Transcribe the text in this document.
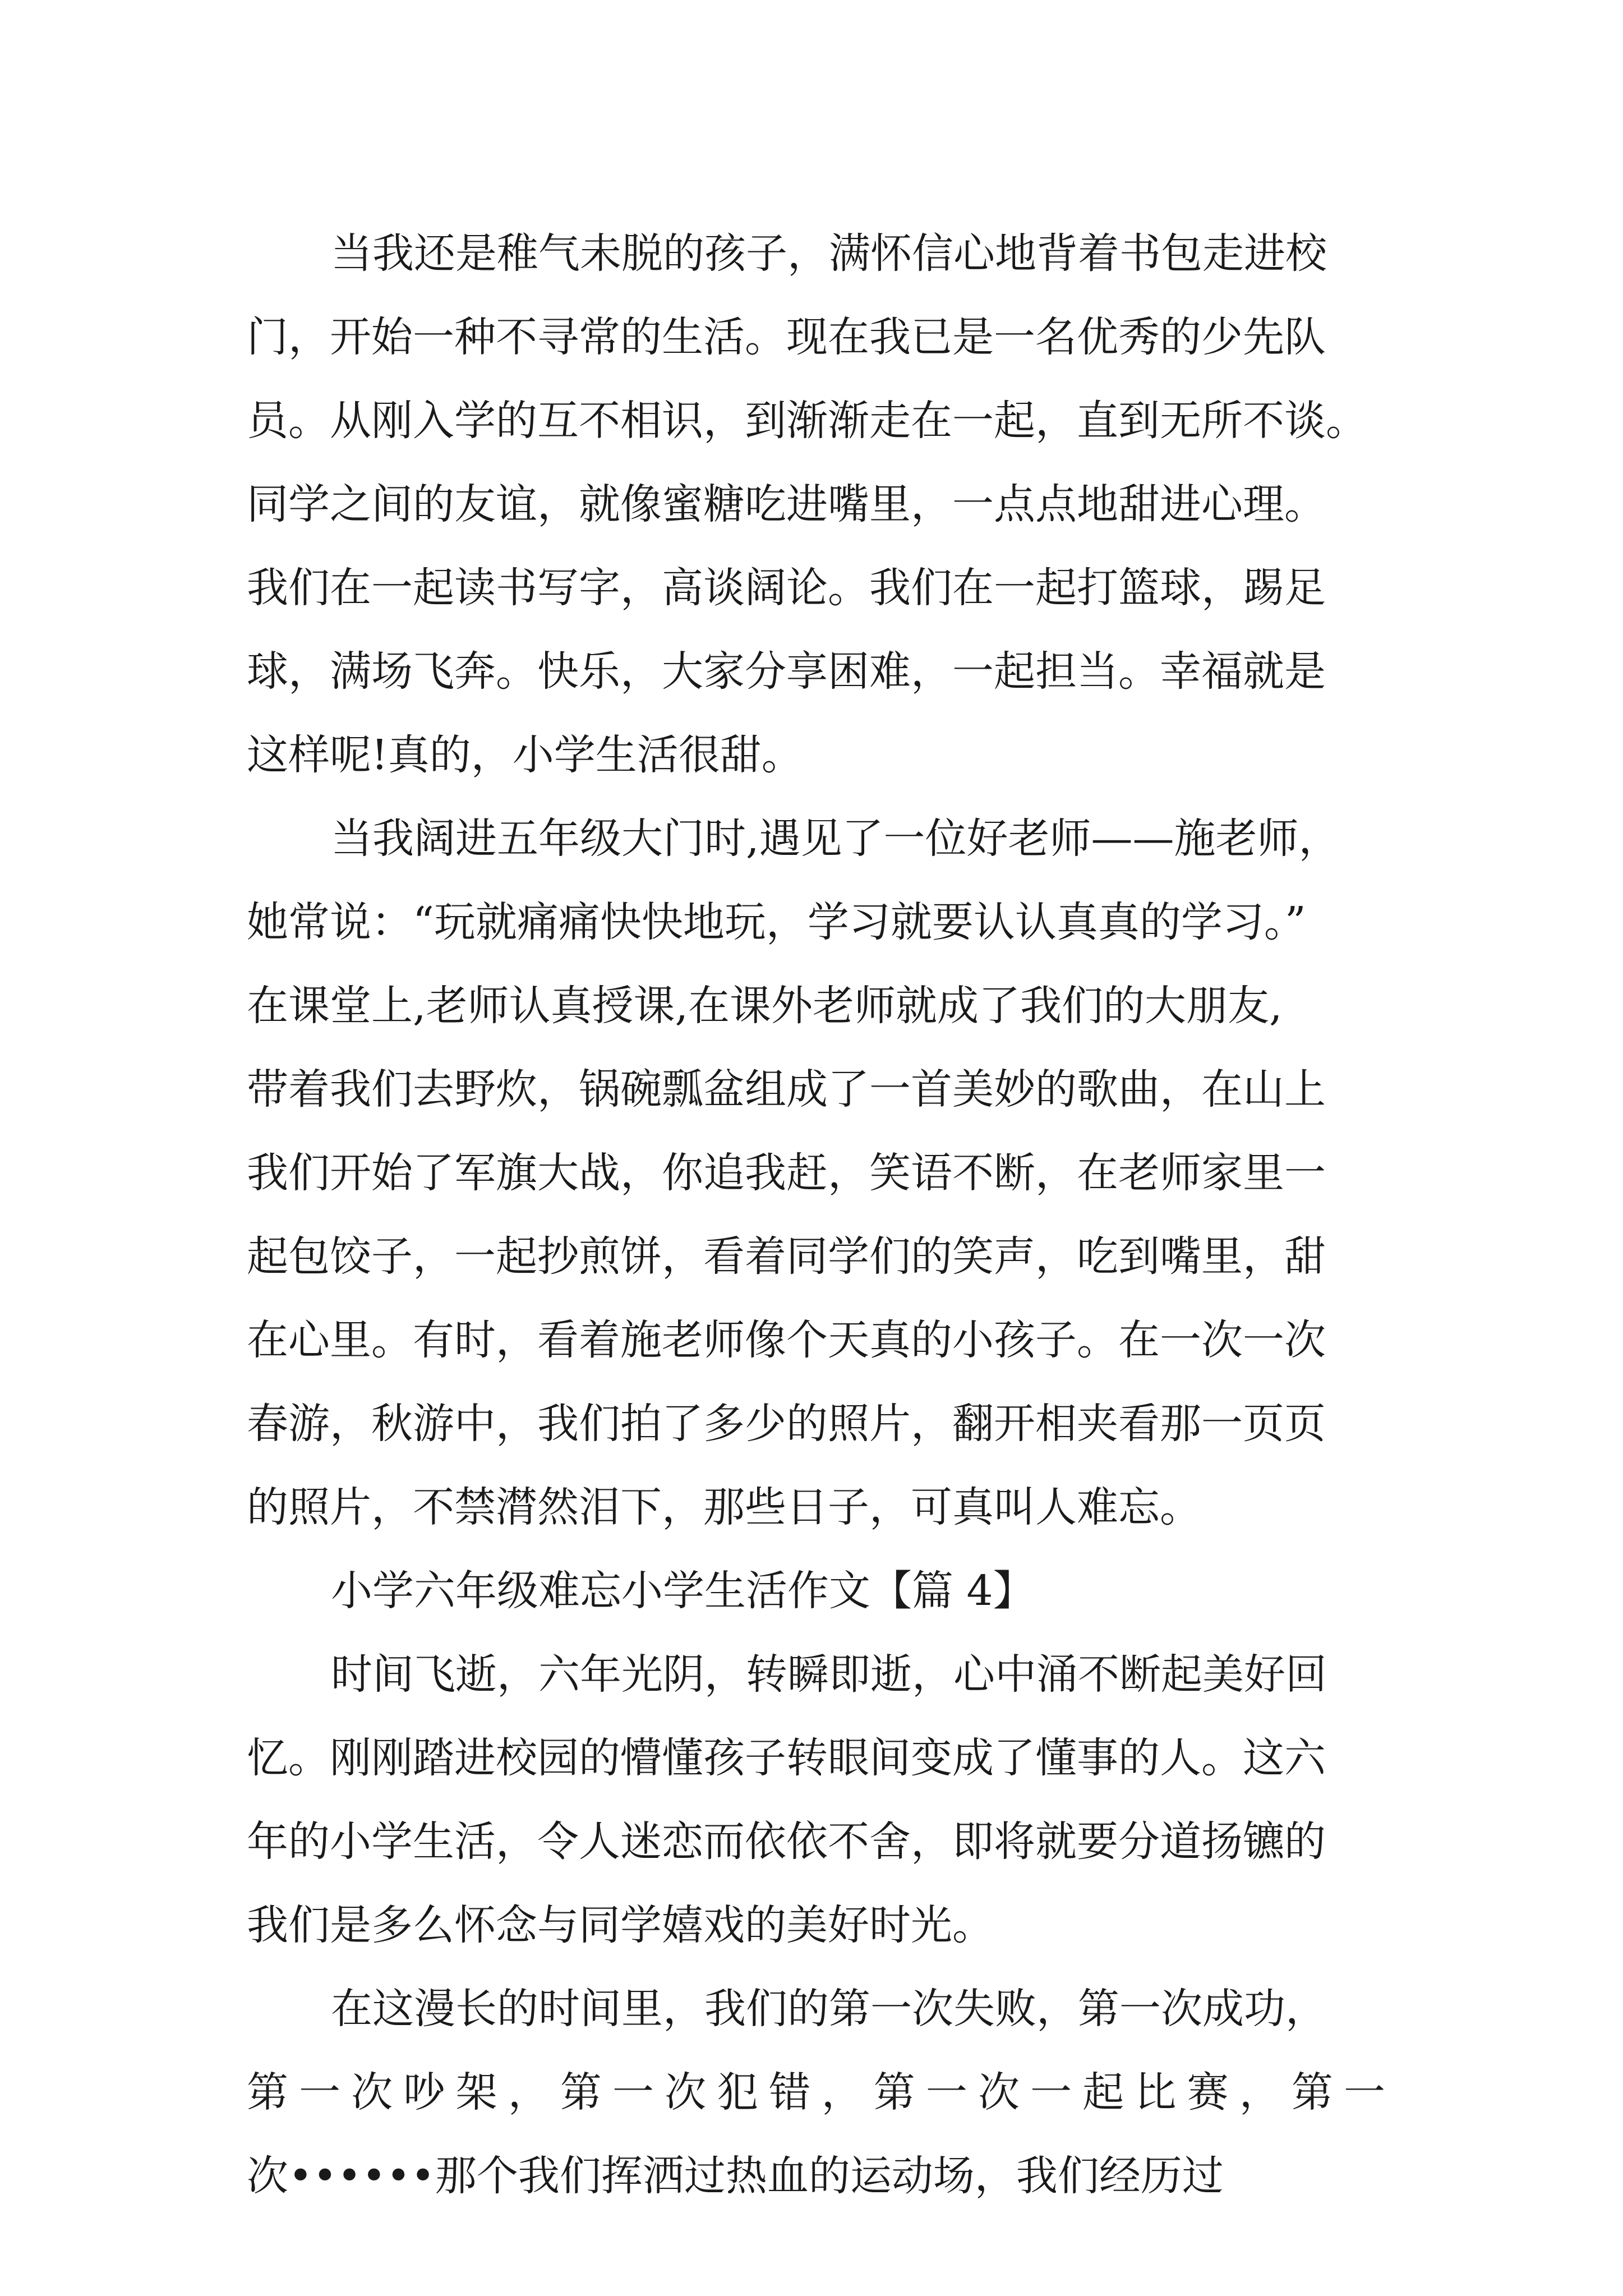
当我还是稚气未脱的孩子，满怀信心地背着书包走进校
门，开始一种不寻常的生活。现在我已是一名优秀的少先队
员。从刚入学的互不相识，到渐渐走在一起，直到无所不谈。
同学之间的友谊，就像蜜糖吃进嘴里，一点点地甜进心理。
我们在一起读书写字，高谈阔论。我们在一起打篮球，踢足
球，满场飞奔。快乐，大家分享困难，一起担当。幸福就是
这样呢!真的，小学生活很甜。
当我阔进五年级大门时,遇见了一位好老师——施老师，
她常说：“玩就痛痛快快地玩，学习就要认认真真的学习。”
在课堂上,老师认真授课,在课外老师就成了我们的大朋友,
带着我们去野炊，锅碗瓢盆组成了一首美妙的歌曲，在山上
我们开始了军旗大战，你追我赶，笑语不断，在老师家里一
起包饺子，一起抄煎饼，看着同学们的笑声，吃到嘴里，甜
在心里。有时，看着施老师像个天真的小孩子。在一次一次
春游，秋游中，我们拍了多少的照片，翻开相夹看那一页页
的照片，不禁潸然泪下，那些日子，可真叫人难忘。
小学六年级难忘小学生活作文【篇 4】
时间飞逝，六年光阴，转瞬即逝，心中涌不断起美好回
忆。刚刚踏进校园的懵懂孩子转眼间变成了懂事的人。这六
年的小学生活，令人迷恋而依依不舍，即将就要分道扬镳的
我们是多么怀念与同学嬉戏的美好时光。
在这漫长的时间里，我们的第一次失败，第一次成功，
第一次吵架，第一次犯错，第一次一起比赛，第一
次••••••那个我们挥洒过热血的运动场，我们经历过
